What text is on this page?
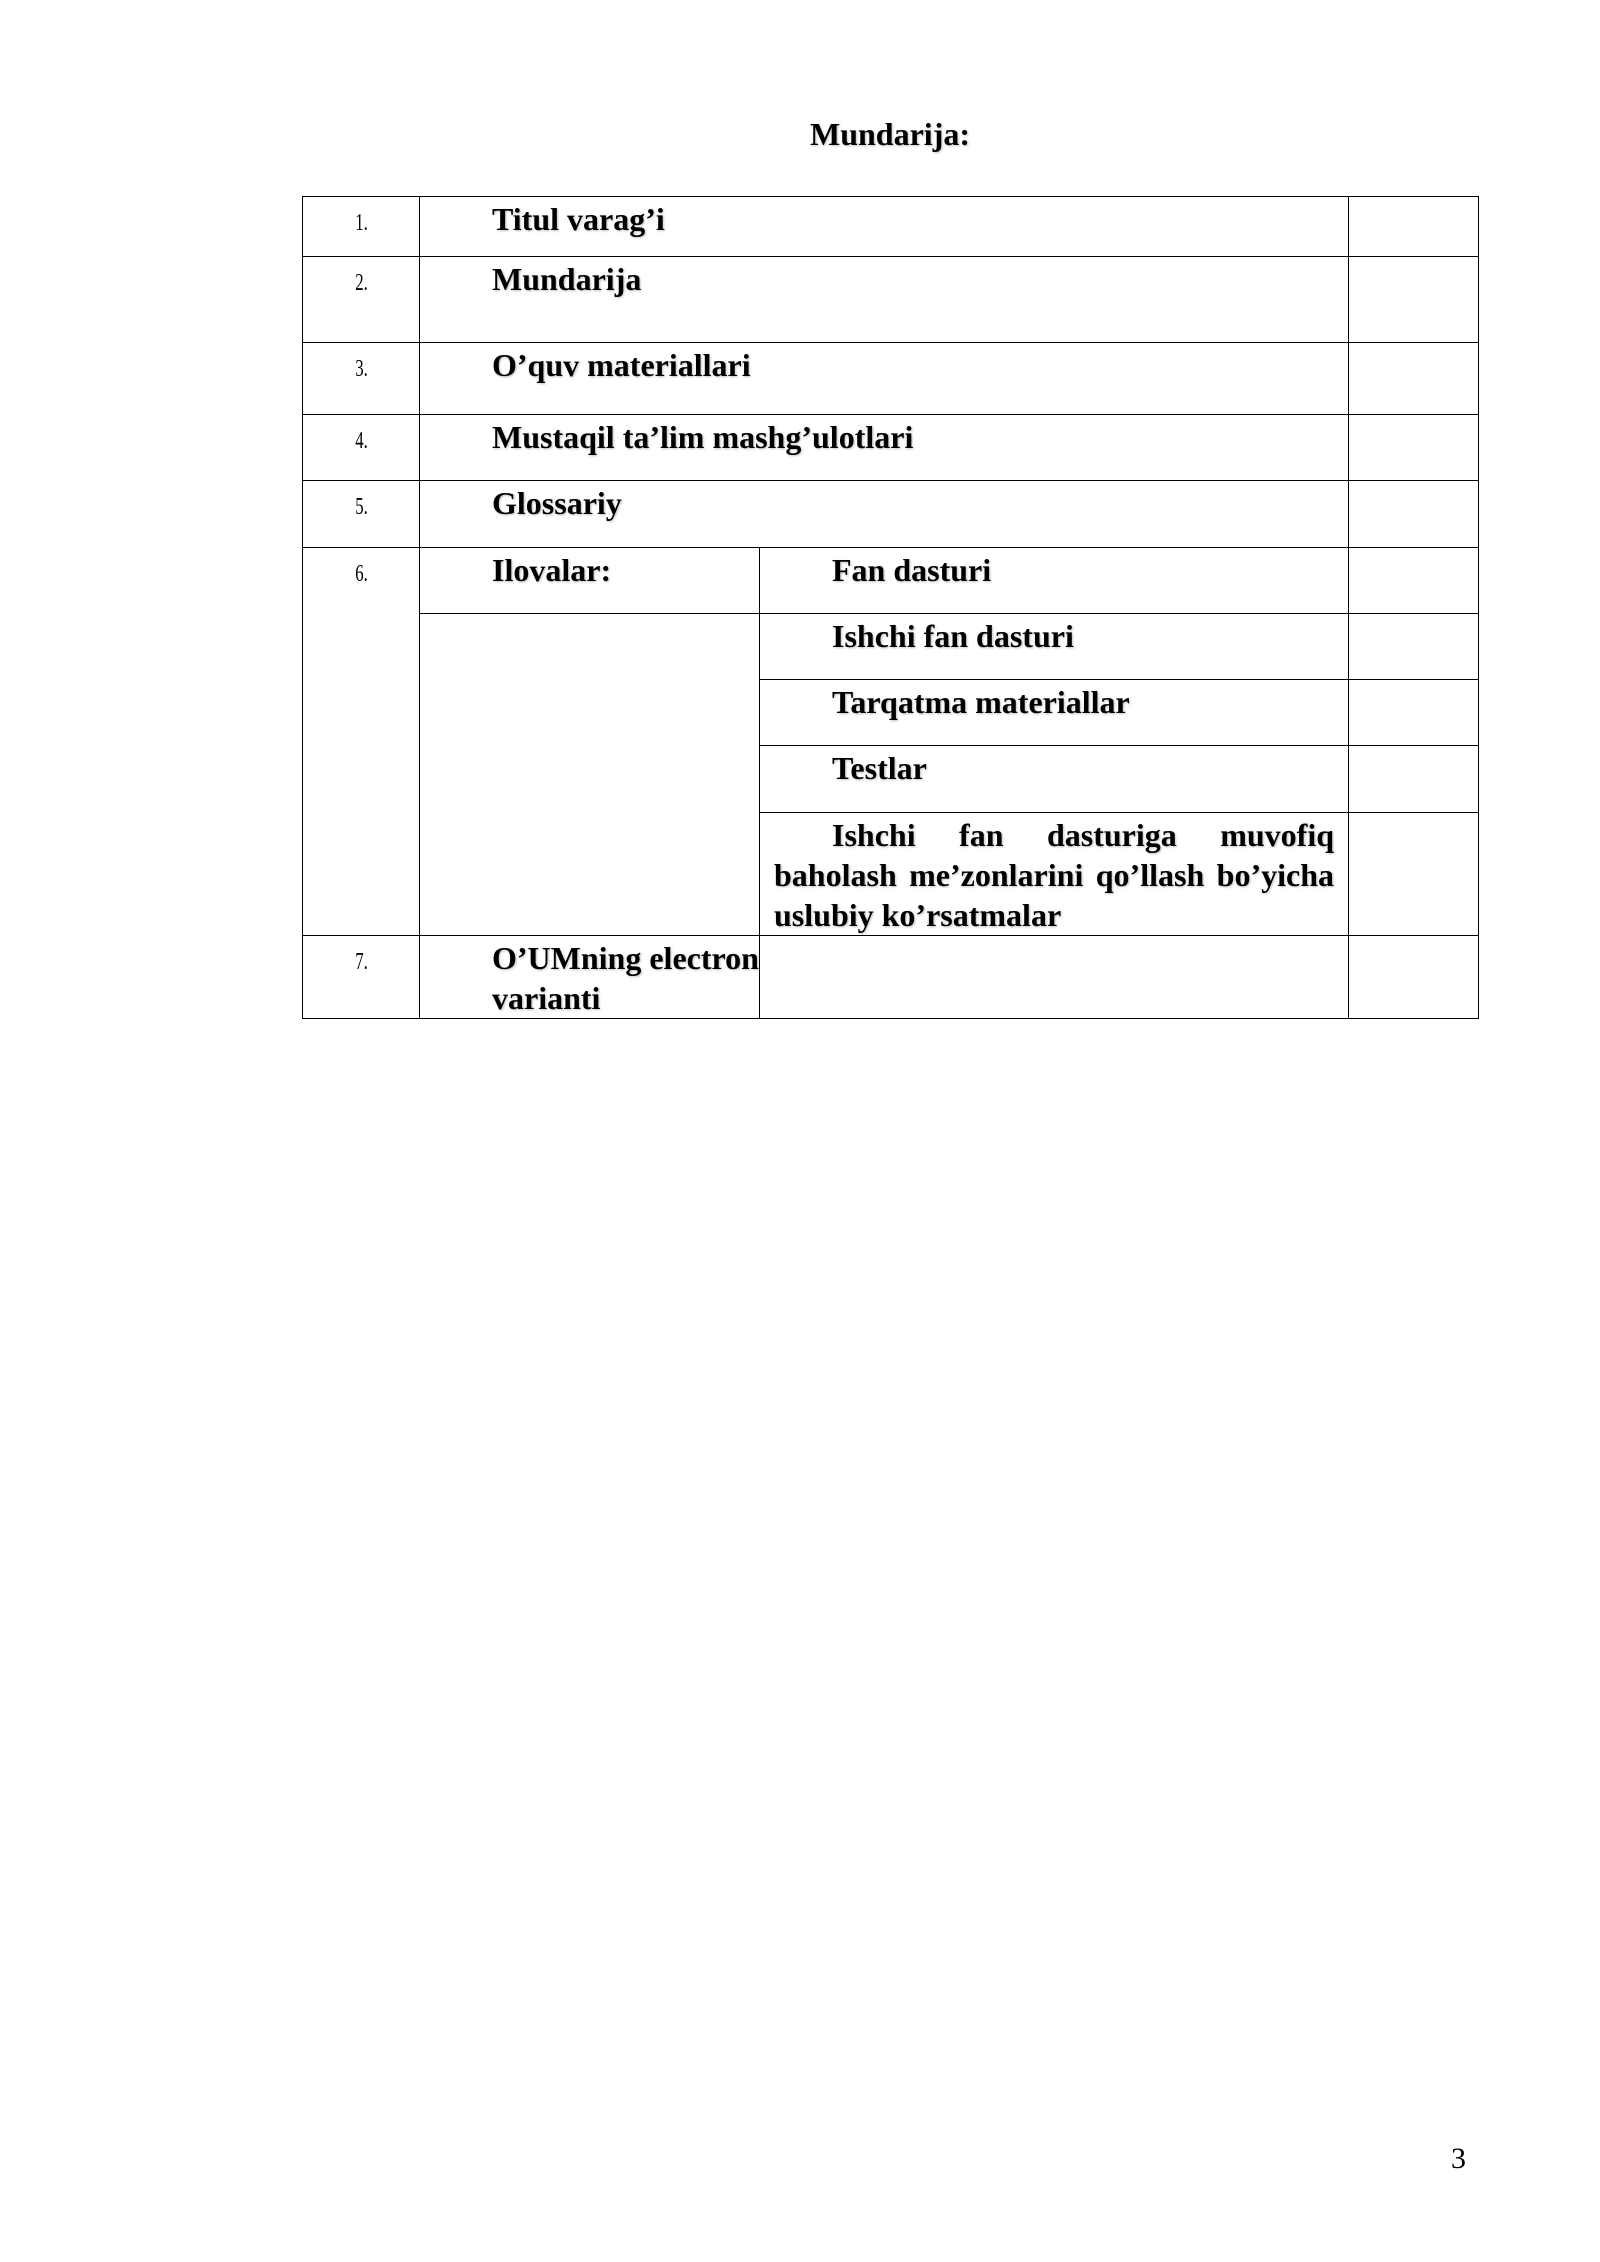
Mundarija:
1.	Titul varag’i		
2.	Mundarija		
3.	O’quv materiallari		
4.	Mustaqil ta’lim mashg’ulotlari		
5.	Glossariy		
6.	Ilovalar:	Fan dasturi	
		Ishchi fan dasturi	
		Tarqatma materiallar	
		Testlar	
		Ishchi fan dasturiga muvofiq baholash me’zonlarini qo’llash bo’yicha uslubiy ko’rsatmalar	
7.	O’UMning electron varianti		
3
